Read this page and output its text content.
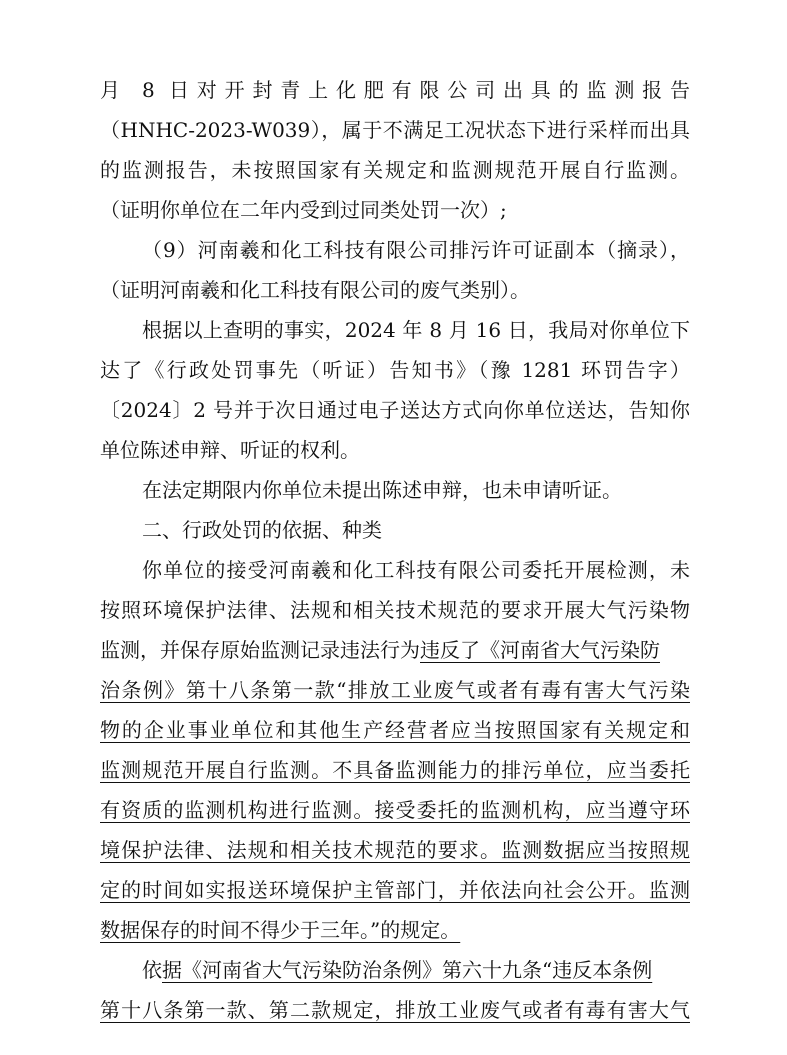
月 8 日对开封青上化肥有限公司出具的监测报告
（HNHC-2023-W039），属于不满足工况状态下进行采样而出具
的监测报告，未按照国家有关规定和监测规范开展自行监测。
（证明你单位在二年内受到过同类处罚一次）;
（9）河南羲和化工科技有限公司排污许可证副本（摘录），
（证明河南羲和化工科技有限公司的废气类别）。
根据以上查明的事实，2024 年 8 月 16 日，我局对你单位下
达了《行政处罚事先（听证）告知书》（豫 1281 环罚告字）
〔2024〕2 号并于次日通过电子送达方式向你单位送达，告知你
单位陈述申辩、听证的权利。
在法定期限内你单位未提出陈述申辩，也未申请听证。
二、行政处罚的依据、种类
你单位的接受河南羲和化工科技有限公司委托开展检测，未
按照环境保护法律、法规和相关技术规范的要求开展大气污染物
监测，并保存原始监测记录违法行为违反了《河南省大气污染防
治条例》第十八条第一款“排放工业废气或者有毒有害大气污染
物的企业事业单位和其他生产经营者应当按照国家有关规定和
监测规范开展自行监测。不具备监测能力的排污单位，应当委托
有资质的监测机构进行监测。接受委托的监测机构，应当遵守环
境保护法律、法规和相关技术规范的要求。监测数据应当按照规
定的时间如实报送环境保护主管部门，并依法向社会公开。监测
数据保存的时间不得少于三年。”的规定。
依据《河南省大气污染防治条例》第六十九条“违反本条例
第十八条第一款、第二款规定，排放工业废气或者有毒有害大气
